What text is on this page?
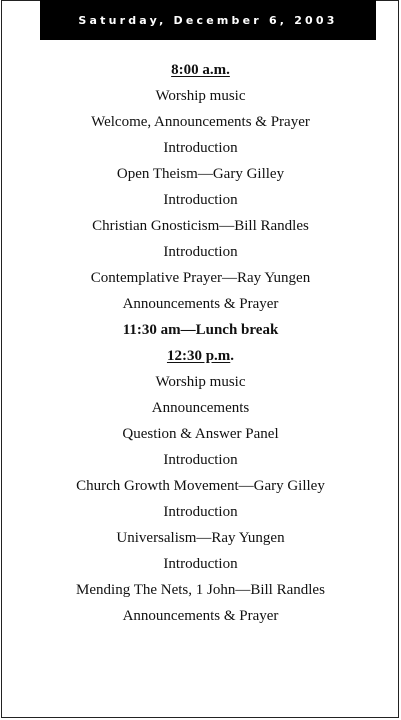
Saturday, December 6, 2003
8:00 a.m.
Worship music
Welcome, Announcements & Prayer
Introduction
Open Theism—Gary Gilley
Introduction
Christian Gnosticism—Bill Randles
Introduction
Contemplative Prayer—Ray Yungen
Announcements & Prayer
11:30 am—Lunch break
12:30 p.m.
Worship music
Announcements
Question & Answer Panel
Introduction
Church Growth Movement—Gary Gilley
Introduction
Universalism—Ray Yungen
Introduction
Mending The Nets, 1 John—Bill Randles
Announcements & Prayer
